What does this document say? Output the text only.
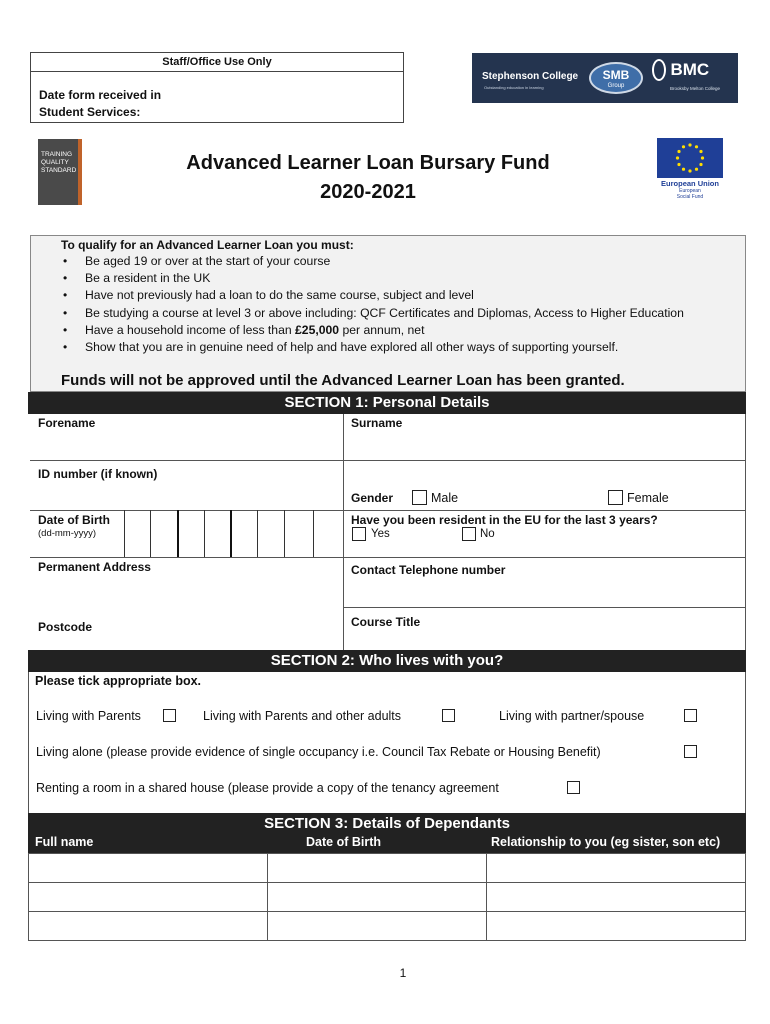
Staff/Office Use Only
Date form received in
Student Services:
Stephenson College
Outstanding education in learning
SMB
Group
BMC
Brooksby Melton College
TRAINING
QUALITY
STANDARD	Advanced Learner Loan Bursary Fund
2020-2021	European Union
European
Social Fund
To qualify for an Advanced Learner Loan you must:
• Be aged 19 or over at the start of your course
• Be a resident in the UK
• Have not previously had a loan to do the same course, subject and level
• Be studying a course at level 3 or above including: QCF Certificates and Diplomas, Access to Higher Education
• Have a household income of less than £25,000 per annum, net
• Show that you are in genuine need of help and have explored all other ways of supporting yourself.
Funds will not be approved until the Advanced Learner Loan has been granted.
SECTION 1: Personal Details
Forename	Surname
ID number (if known)
Gender	Male	Female
Date of Birth
(dd-mm-yyyy)
Have you been resident in the EU for the last 3 years?
Yes	No
Permanent Address
Postcode
Contact Telephone number
Course Title
SECTION 2: Who lives with you?
Please tick appropriate box.
Living with Parents	Living with Parents and other adults	Living with partner/spouse
Living alone (please provide evidence of single occupancy i.e. Council Tax Rebate or Housing Benefit)
Renting a room in a shared house (please provide a copy of the tenancy agreement
SECTION 3: Details of Dependants
Full name	Date of Birth	Relationship to you (eg sister, son etc)
1
